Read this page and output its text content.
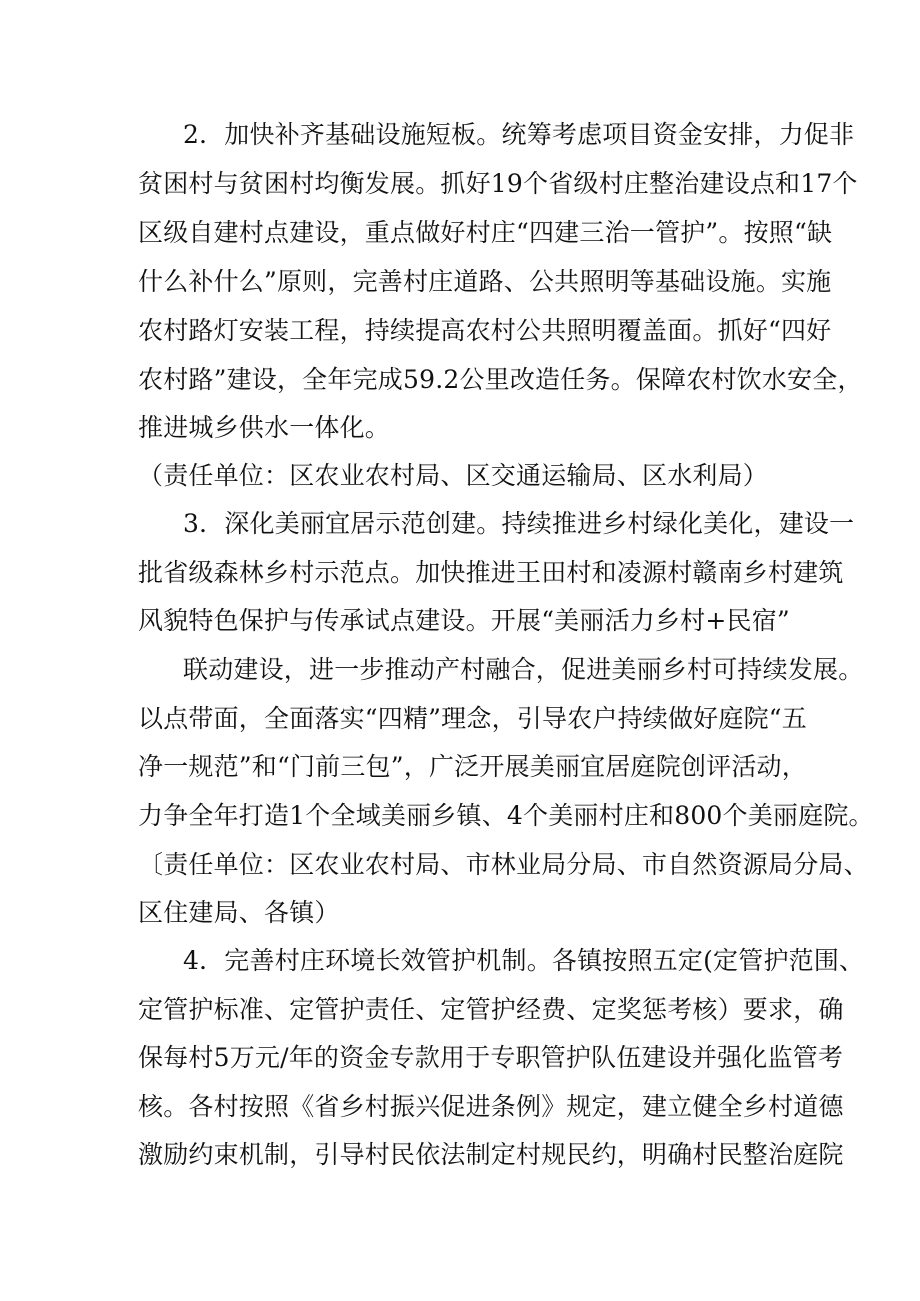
2．加快补齐基础设施短板。统筹考虑项目资金安排，力促非
贫困村与贫困村均衡发展。抓好19个省级村庄整治建设点和17个
区级自建村点建设，重点做好村庄“四建三治一管护”。按照“缺
什么补什么”原则，完善村庄道路、公共照明等基础设施。实施
农村路灯安装工程，持续提高农村公共照明覆盖面。抓好“四好
农村路”建设，全年完成59.2公里改造任务。保障农村饮水安全，
推进城乡供水一体化。
（责任单位：区农业农村局、区交通运输局、区水利局）
3．深化美丽宜居示范创建。持续推进乡村绿化美化，建设一
批省级森林乡村示范点。加快推进王田村和凌源村赣南乡村建筑
风貌特色保护与传承试点建设。开展“美丽活力乡村+民宿”
联动建设，进一步推动产村融合，促进美丽乡村可持续发展。
以点带面，全面落实“四精”理念，引导农户持续做好庭院“五
净一规范”和“门前三包”，广泛开展美丽宜居庭院创评活动，
力争全年打造1个全域美丽乡镇、4个美丽村庄和800个美丽庭院。
〔责任单位：区农业农村局、市林业局分局、市自然资源局分局、
区住建局、各镇）
4．完善村庄环境长效管护机制。各镇按照五定(定管护范围、
定管护标准、定管护责任、定管护经费、定奖惩考核）要求，确
保每村5万元/年的资金专款用于专职管护队伍建设并强化监管考
核。各村按照《省乡村振兴促进条例》规定，建立健全乡村道德
激励约束机制，引导村民依法制定村规民约，明确村民整治庭院
